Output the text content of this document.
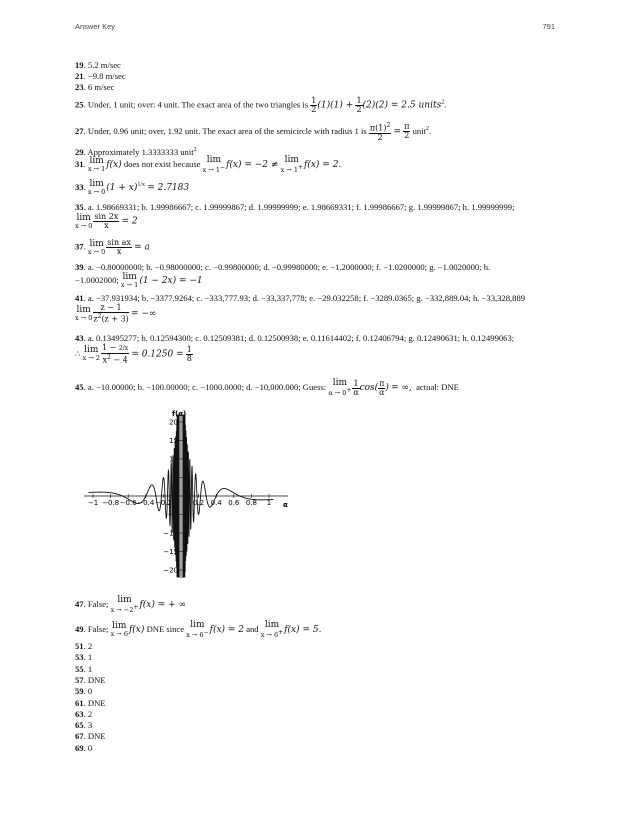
Answer Key	791
19. 5.2 m/sec
21. −9.8 m/sec
23. 6 m/sec
25. Under, 1 unit; over: 4 unit. The exact area of the two triangles is $\frac{1}{2} (1)(1) + \frac{1}{2} (2)(2) = 2.5$ units$^2$.
27. Under, 0.96 unit; over, 1.92 unit. The exact area of the semicircle with radius 1 is $\frac{\pi(1)^2}{2} = \frac{\pi}{2}$ unit$^2$.
29. Approximately 1.3333333 unit$^2$
31. lim
x → 1 f(x) does not exist because lim
x → 1− f(x) = −2 ≠
lim
x → 1+ f(x) = 2.
33. lim
x → 0 $(1 + x)^{1/x} = 2.7183$
35. a. 1.98669331; b. 1.99986667; c. 1.99999867; d. 1.99999999; e. 1.98669331; f. 1.99986667; g. 1.99999867; h. 1.99999999;

lim
$x \to 0 \frac{\sin 2x}{x} = 2$
37. lim
$x \to 0 \frac{\text{sin ax}}{x} = a$
39. a. −0.80000000; b. −0.98000000; c. −0.99800000; d. −0.99980000; e. −1.2000000; f. −1.0200000; g. −1.0020000; h.
−1.0002000; lim
x → 1 (1 − 2x) = −1
41. a. −37.931934; b. −3377.9264; c. −333,777.93; d. −33,337,778; e. −29.032258; f. −3289.0365; g. −332,889.04; h. −33,328,889

lim
$x \to 0 \frac{z - 1}{z^2(z + 3)}$ = −∞
43. a. 0.13495277; b. 0.12594300; c. 0.12509381; d. 0.12500938; e. 0.11614402; f. 0.12406794; g. 0.12490631; h. 0.12499063;
∴ lim
$x \to 2 \frac{1 - 2/x}{x^2 - 4} = 0.1250 = \frac{1}{8}$
45. a. −10.00000; b. −100.00000; c. −1000.0000; d. −10,000.000; Guess: lim
$\alpha \to 0^+ \frac{1}{\alpha} \cos( \frac{\pi}{\alpha}$ ) = ∞, actual: DNE
f(α)
α
−1 −0.8 −0.6 −0.4 −0.2	0.2 0.4 0.6 0.8 1
20
15
10
5
−5
−10
−15
−20
47. False; lim
x → −2+ f(x) = + ∞
49. False; lim
x → 6 f(x) DNE since lim
x → 6− f(x) = 2 and lim
x → 6+ f(x) = 5.
51. 2
53. 1
55. 1
57. DNE
59. 0
61. DNE
63. 2
65. 3
67. DNE
69. 0
